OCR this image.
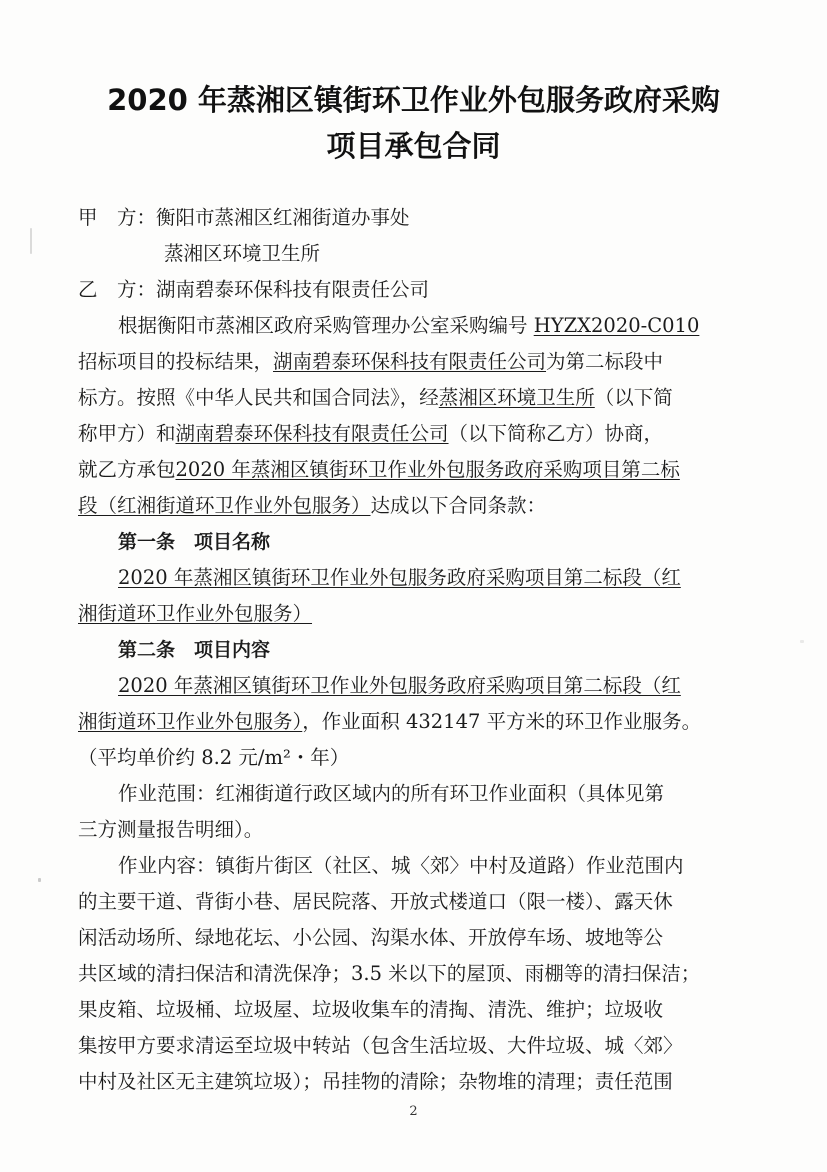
2020 年蒸湘区镇街环卫作业外包服务政府采购
项目承包合同
甲　方：衡阳市蒸湘区红湘街道办事处
蒸湘区环境卫生所
乙　方：湖南碧泰环保科技有限责任公司
根据衡阳市蒸湘区政府采购管理办公室采购编号 HYZX2020-C010
招标项目的投标结果，湖南碧泰环保科技有限责任公司为第二标段中
标方。按照《中华人民共和国合同法》，经蒸湘区环境卫生所（以下简
称甲方）和湖南碧泰环保科技有限责任公司（以下简称乙方）协商，
就乙方承包2020 年蒸湘区镇街环卫作业外包服务政府采购项目第二标
段（红湘街道环卫作业外包服务）达成以下合同条款：
第一条　项目名称
2020 年蒸湘区镇街环卫作业外包服务政府采购项目第二标段（红
湘街道环卫作业外包服务）
第二条　项目内容
2020 年蒸湘区镇街环卫作业外包服务政府采购项目第二标段（红
湘街道环卫作业外包服务），作业面积 432147 平方米的环卫作业服务。
（平均单价约 8.2 元/m²・年）
作业范围：红湘街道行政区域内的所有环卫作业面积（具体见第
三方测量报告明细）。
作业内容：镇街片街区（社区、城〈郊〉中村及道路）作业范围内
的主要干道、背街小巷、居民院落、开放式楼道口（限一楼）、露天休
闲活动场所、绿地花坛、小公园、沟渠水体、开放停车场、坡地等公
共区域的清扫保洁和清洗保净；3.5 米以下的屋顶、雨棚等的清扫保洁；
果皮箱、垃圾桶、垃圾屋、垃圾收集车的清掏、清洗、维护；垃圾收
集按甲方要求清运至垃圾中转站（包含生活垃圾、大件垃圾、城〈郊〉
中村及社区无主建筑垃圾）；吊挂物的清除；杂物堆的清理；责任范围
2
